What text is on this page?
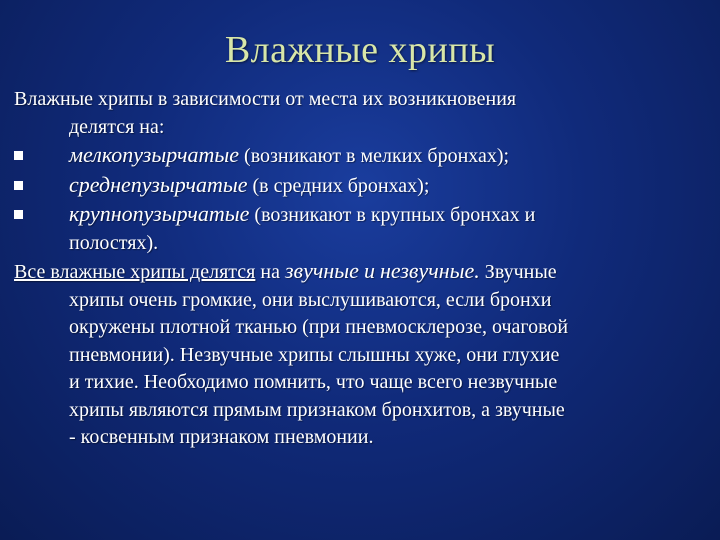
Влажные хрипы

Влажные хрипы в зависимости от места их возникновения

делятся на:

мелкопузырчатые (возникают в мелких бронхах);
среднепузырчатые (в средних бронхах);
крупнопузырчатые (возникают в крупных бронхах и

полостях).

Все влажные хрипы делятся на звучные и незвучные. Звучные

хрипы очень громкие, они выслушиваются, если бронхи

окружены плотной тканью (при пневмосклерозе, очаговой

пневмонии). Незвучные хрипы слышны хуже, они глухие

и тихие. Необходимо помнить, что чаще всего незвучные

хрипы являются прямым признаком бронхитов, а звучные

- косвенным признаком пневмонии.
